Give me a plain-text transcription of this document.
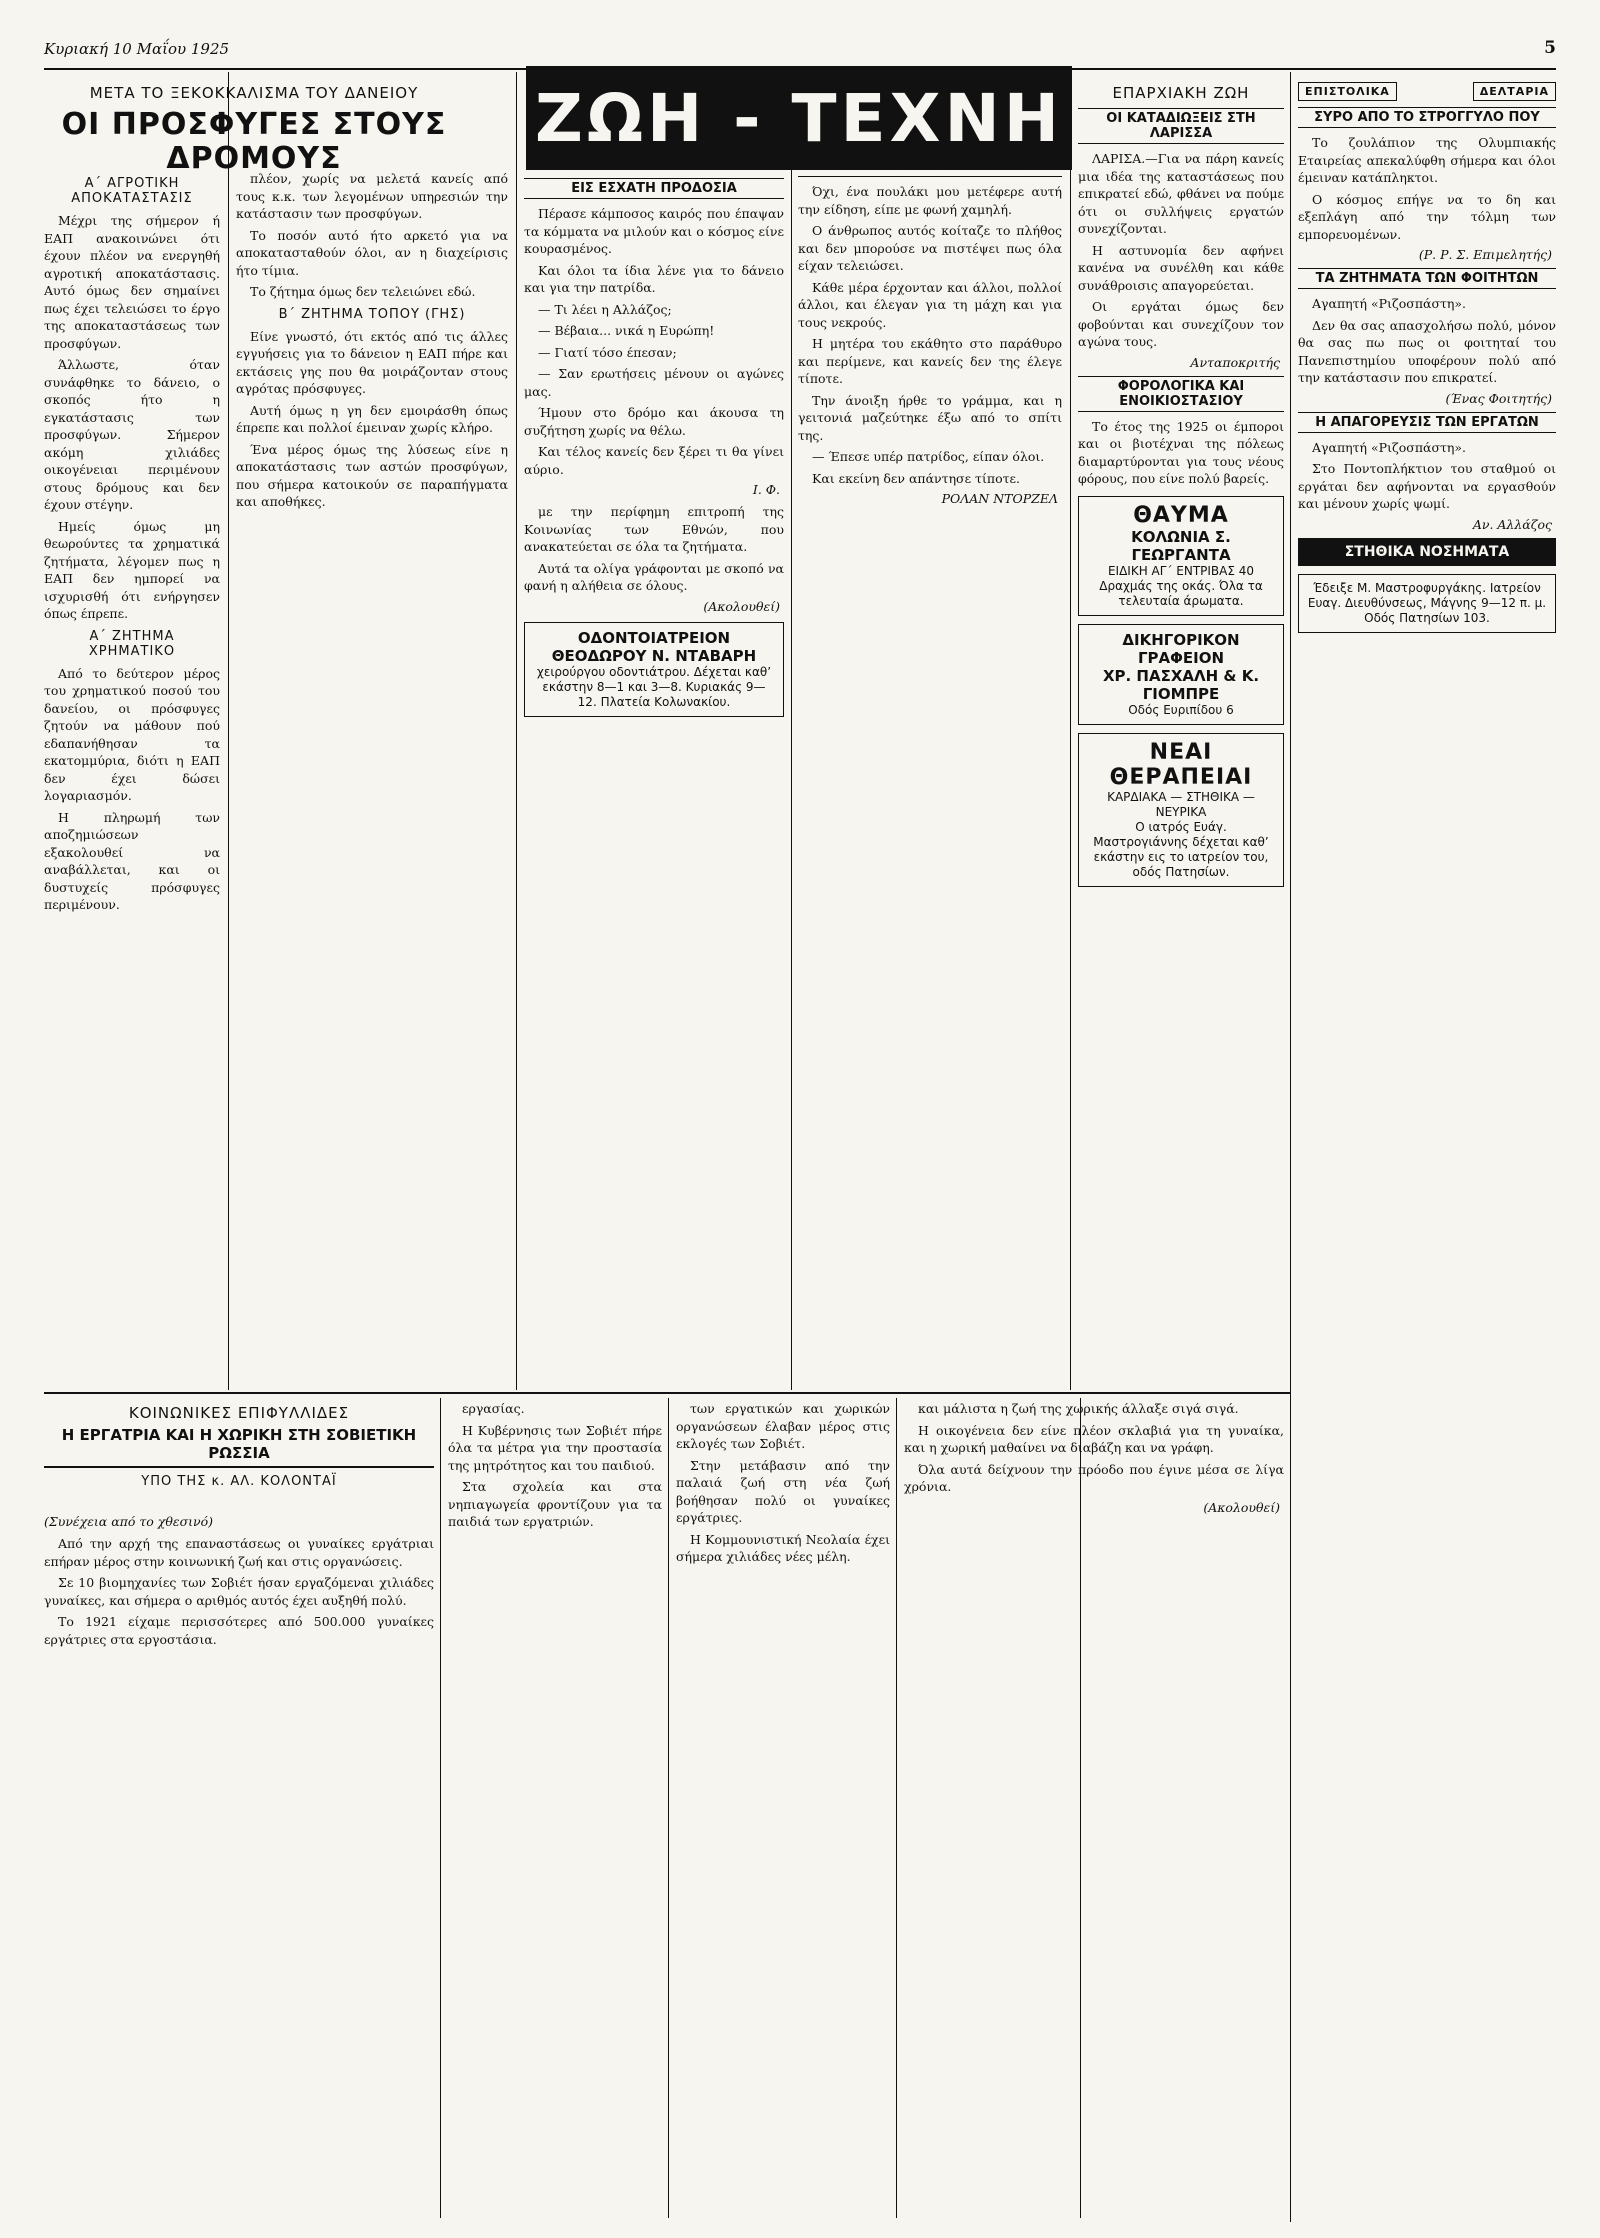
Κυριακή 10 Μαΐου 1925	5
ΖΩΗ - ΤΕΧΝΗ
ΜΕΤΑ ΤΟ ΞΕΚΟΚΚΑΛΙΣΜΑ ΤΟΥ ΔΑΝΕΙΟΥ
ΟΙ ΠΡΟΣΦΥΓΕΣ ΣΤΟΥΣ ΔΡΟΜΟΥΣ
Α΄ ΑΓΡΟΤΙΚΗ ΑΠΟΚΑΤΑΣΤΑΣΙΣ

Μέχρι της σήμερον ή ΕΑΠ ανακοινώνει ότι έχουν πλέον να ενεργηθή αγροτική αποκατάστασις. Αυτό όμως δεν σημαίνει πως έχει τελειώσει το έργο της αποκαταστάσεως των προσφύγων.

Άλλωστε, όταν συνάφθηκε το δάνειο, ο σκοπός ήτο η εγκατάστασις των προσφύγων. Σήμερον ακόμη χιλιάδες οικογένειαι περιμένουν στους δρόμους και δεν έχουν στέγην.

Ημείς όμως μη θεωρούντες τα χρηματικά ζητήματα, λέγομεν πως η ΕΑΠ δεν ημπορεί να ισχυρισθή ότι ενήργησεν όπως έπρεπε.

Α΄ ΖΗΤΗΜΑ ΧΡΗΜΑΤΙΚΟ

Από το δεύτερον μέρος του χρηματικού ποσού του δανείου, οι πρόσφυγες ζητούν να μάθουν πού εδαπανήθησαν τα εκατομμύρια, διότι η ΕΑΠ δεν έχει δώσει λογαριασμόν.

Η πληρωμή των αποζημιώσεων εξακολουθεί να αναβάλλεται, και οι δυστυχείς πρόσφυγες περιμένουν.

πλέον, χωρίς να μελετά κανείς από τους κ.κ. των λεγομένων υπηρεσιών την κατάστασιν των προσφύγων.

Το ποσόν αυτό ήτο αρκετό για να αποκατασταθούν όλοι, αν η διαχείρισις ήτο τίμια.

Το ζήτημα όμως δεν τελειώνει εδώ.

Β΄ ΖΗΤΗΜΑ ΤΟΠΟΥ (ΓΗΣ)

Είνε γνωστό, ότι εκτός από τις άλλες εγγυήσεις για το δάνειον η ΕΑΠ πήρε και εκτάσεις γης που θα μοιράζονταν στους αγρότας πρόσφυγες.

Αυτή όμως η γη δεν εμοιράσθη όπως έπρεπε και πολλοί έμειναν χωρίς κλήρο.

Ένα μέρος όμως της λύσεως είνε η αποκατάστασις των αστών προσφύγων, που σήμερα κατοικούν σε παραπήγματα και αποθήκες.

ΕΙΣ ΕΣΧΑΤΗ ΠΡΟΔΟΣΙΑ

Πέρασε κάμποσος καιρός που έπαψαν τα κόμματα να μιλούν και ο κόσμος είνε κουρασμένος.

Και όλοι τα ίδια λένε για το δάνειο και για την πατρίδα.

— Τι λέει η Αλλάζος;

— Βέβαια... νικά η Ευρώπη!

— Γιατί τόσο έπεσαν;

— Σαν ερωτήσεις μένουν οι αγώνες μας.

Ήμουν στο δρόμο και άκουσα τη συζήτηση χωρίς να θέλω.

Και τέλος κανείς δεν ξέρει τι θα γίνει αύριο.

Ι. Φ.

με την περίφημη επιτροπή της Κοινωνίας των Εθνών, που ανακατεύεται σε όλα τα ζητήματα.

Αυτά τα ολίγα γράφονται με σκοπό να φανή η αλήθεια σε όλους.

(Ακολουθεί)
ΟΔΟΝΤΟΙΑΤΡΕΙΟΝ
ΘΕΟΔΩΡΟΥ Ν. ΝΤΑΒΑΡΗ
χειρούργου οδοντιάτρου. Δέχεται καθ’ εκάστην 8—1 και 3—8. Κυριακάς 9—12. Πλατεία Κολωνακίου.
ΕΠΕΣΕΝ ΥΠΕΡ ΠΑΤΡΙΔΟΣ

Όχι, ένα πουλάκι μου μετέφερε αυτή την είδηση, είπε με φωνή χαμηλή.

Ο άνθρωπος αυτός κοίταζε το πλήθος και δεν μπορούσε να πιστέψει πως όλα είχαν τελειώσει.

Κάθε μέρα έρχονταν και άλλοι, πολλοί άλλοι, και έλεγαν για τη μάχη και για τους νεκρούς.

Η μητέρα του εκάθητο στο παράθυρο και περίμενε, και κανείς δεν της έλεγε τίποτε.

Την άνοιξη ήρθε το γράμμα, και η γειτονιά μαζεύτηκε έξω από το σπίτι της.

— Έπεσε υπέρ πατρίδος, είπαν όλοι.

Και εκείνη δεν απάντησε τίποτε.

ΡΟΛΑΝ ΝΤΟΡΖΕΛ
ΕΠΑΡΧΙΑΚΗ ΖΩΗ
ΟΙ ΚΑΤΑΔΙΩΞΕΙΣ ΣΤΗ ΛΑΡΙΣΣΑ

ΛΑΡΙΣΑ.—Για να πάρη κανείς μια ιδέα της καταστάσεως που επικρατεί εδώ, φθάνει να πούμε ότι οι συλλήψεις εργατών συνεχίζονται.

Η αστυνομία δεν αφήνει κανένα να συνέλθη και κάθε συνάθροισις απαγορεύεται.

Οι εργάται όμως δεν φοβούνται και συνεχίζουν τον αγώνα τους.

Ανταποκριτής
ΦΟΡΟΛΟΓΙΚΑ ΚΑΙ ΕΝΟΙΚΙΟΣΤΑΣΙΟΥ

Το έτος της 1925 οι έμποροι και οι βιοτέχναι της πόλεως διαμαρτύρονται για τους νέους φόρους, που είνε πολύ βαρείς.

ΘΑΥΜΑ
ΚΟΛΩΝΙΑ Σ. ΓΕΩΡΓΑΝΤΑ
ΕΙΔΙΚΗ ΑΓ΄ ΕΝΤΡΙΒΑΣ 40 Δραχμάς της οκάς. Όλα τα τελευταία άρωματα.
ΔΙΚΗΓΟΡΙΚΟΝ ΓΡΑΦΕΙΟΝ
ΧΡ. ΠΑΣΧΑΛΗ & Κ. ΓΙΟΜΠΡΕ
Οδός Ευριπίδου 6
ΝΕΑΙ ΘΕΡΑΠΕΙΑΙ
ΚΑΡΔΙΑΚΑ — ΣΤΗΘΙΚΑ — ΝΕΥΡΙΚΑ
Ο ιατρός Ευάγ. Μαστρογιάννης δέχεται καθ’ εκάστην εις το ιατρείον του, οδός Πατησίων.
ΕΠΙΣΤΟΛΙΚΑ	ΔΕΛΤΑΡΙΑ
ΣΥΡΟ ΑΠΟ ΤΟ ΣΤΡΟΓΓΥΛΟ ΠΟΥ

Το ζουλάπιον της Ολυμπιακής Εταιρείας απεκαλύφθη σήμερα και όλοι έμειναν κατάπληκτοι.

Ο κόσμος επήγε να το δη και εξεπλάγη από την τόλμη των εμπορευομένων.

(Ρ. Ρ. Σ. Επιμελητής)
ΤΑ ΖΗΤΗΜΑΤΑ ΤΩΝ ΦΟΙΤΗΤΩΝ

Αγαπητή «Ριζοσπάστη».

Δεν θα σας απασχολήσω πολύ, μόνον θα σας πω πως οι φοιτηταί του Πανεπιστημίου υποφέρουν πολύ από την κατάστασιν που επικρατεί.

(Ένας Φοιτητής)
Η ΑΠΑΓΟΡΕΥΣΙΣ ΤΩΝ ΕΡΓΑΤΩΝ

Αγαπητή «Ριζοσπάστη».

Στο Ποντοπλήκτιον του σταθμού οι εργάται δεν αφήνονται να εργασθούν και μένουν χωρίς ψωμί.

Αν. Αλλάζος
ΣΤΗΘΙΚΑ ΝΟΣΗΜΑΤΑ
Έδειξε Μ. Μαστροφυργάκης. Ιατρείον Ευαγ. Διευθύνσεως, Μάγνης 9—12 π. μ. Οδός Πατησίων 103.
ΚΟΙΝΩΝΙΚΕΣ ΕΠΙΦΥΛΛΙΔΕΣ
Η ΕΡΓΑΤΡΙΑ ΚΑΙ Η ΧΩΡΙΚΗ ΣΤΗ ΣΟΒΙΕΤΙΚΗ ΡΩΣΣΙΑ
ΥΠΟ ΤΗΣ κ. ΑΛ. ΚΟΛΟΝΤΑΪ
(Συνέχεια από το χθεσινό)

Από την αρχή της επαναστάσεως οι γυναίκες εργάτριαι επήραν μέρος στην κοινωνική ζωή και στις οργανώσεις.

Σε 10 βιομηχανίες των Σοβιέτ ήσαν εργαζόμεναι χιλιάδες γυναίκες, και σήμερα ο αριθμός αυτός έχει αυξηθή πολύ.

Το 1921 είχαμε περισσότερες από 500.000 γυναίκες εργάτριες στα εργοστάσια.

εργασίας.

Η Κυβέρνησις των Σοβιέτ πήρε όλα τα μέτρα για την προστασία της μητρότητος και του παιδιού.

Στα σχολεία και στα νηπιαγωγεία φροντίζουν για τα παιδιά των εργατριών.

των εργατικών και χωρικών οργανώσεων έλαβαν μέρος στις εκλογές των Σοβιέτ.

Στην μετάβασιν από την παλαιά ζωή στη νέα ζωή βοήθησαν πολύ οι γυναίκες εργάτριες.

Η Κομμουνιστική Νεολαία έχει σήμερα χιλιάδες νέες μέλη.

και μάλιστα η ζωή της χωρικής άλλαξε σιγά σιγά.

Η οικογένεια δεν είνε πλέον σκλαβιά για τη γυναίκα, και η χωρική μαθαίνει να διαβάζη και να γράφη.

Όλα αυτά δείχνουν την πρόοδο που έγινε μέσα σε λίγα χρόνια.

(Ακολουθεί)
